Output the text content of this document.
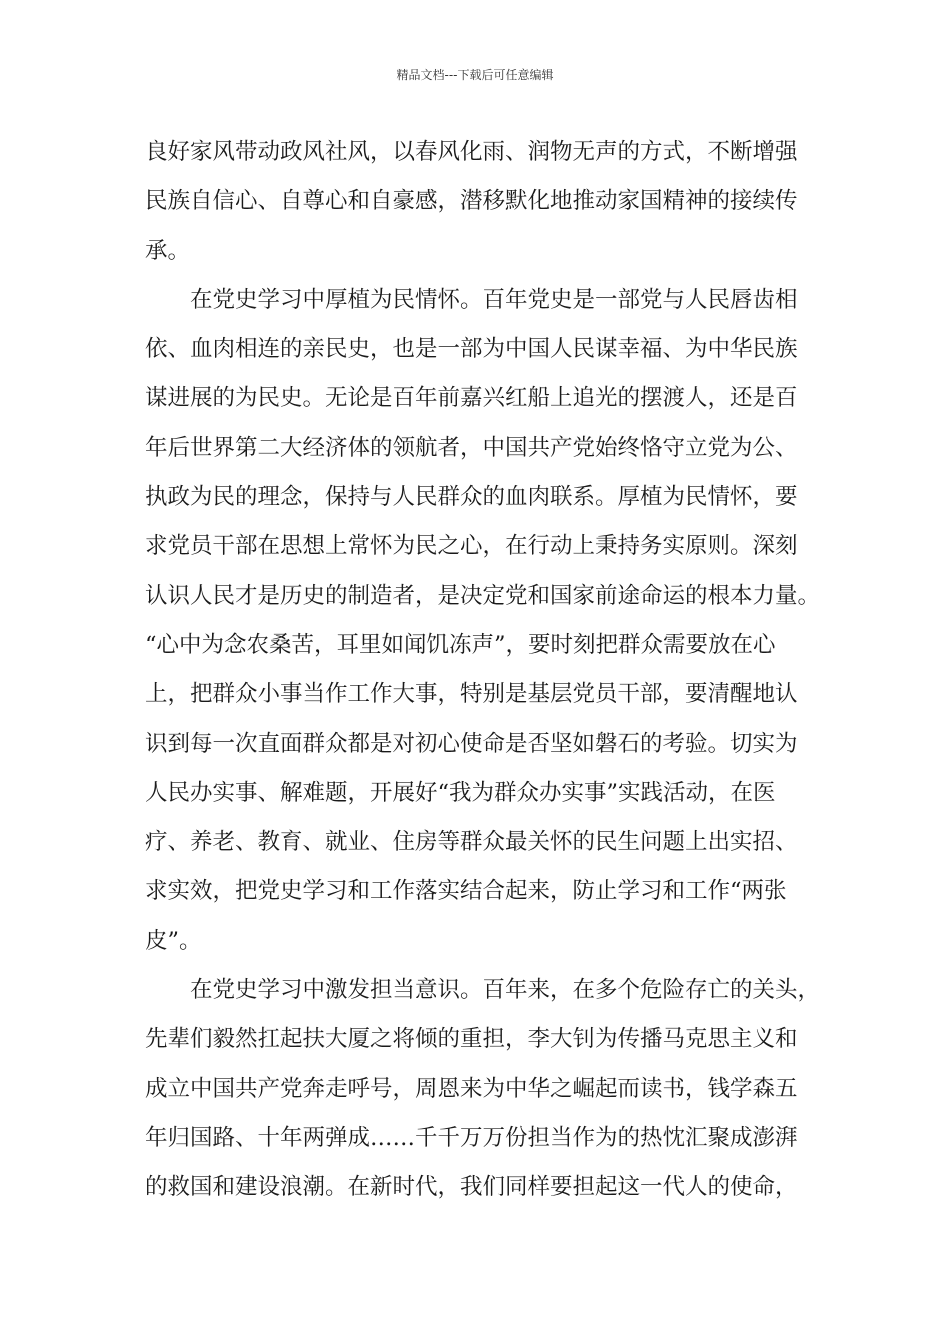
精品文档---下载后可任意编辑
良好家风带动政风社风，以春风化雨、润物无声的方式，不断增强
民族自信心、自尊心和自豪感，潜移默化地推动家国精神的接续传
承。
在党史学习中厚植为民情怀。百年党史是一部党与人民唇齿相
依、血肉相连的亲民史，也是一部为中国人民谋幸福、为中华民族
谋进展的为民史。无论是百年前嘉兴红船上追光的摆渡人，还是百
年后世界第二大经济体的领航者，中国共产党始终恪守立党为公、
执政为民的理念，保持与人民群众的血肉联系。厚植为民情怀，要
求党员干部在思想上常怀为民之心，在行动上秉持务实原则。深刻
认识人民才是历史的制造者，是决定党和国家前途命运的根本力量。
“心中为念农桑苦，耳里如闻饥冻声”，要时刻把群众需要放在心
上，把群众小事当作工作大事，特别是基层党员干部，要清醒地认
识到每一次直面群众都是对初心使命是否坚如磐石的考验。切实为
人民办实事、解难题，开展好“我为群众办实事”实践活动，在医
疗、养老、教育、就业、住房等群众最关怀的民生问题上出实招、
求实效，把党史学习和工作落实结合起来，防止学习和工作“两张
皮”。
在党史学习中激发担当意识。百年来，在多个危险存亡的关头，
先辈们毅然扛起扶大厦之将倾的重担，李大钊为传播马克思主义和
成立中国共产党奔走呼号，周恩来为中华之崛起而读书，钱学森五
年归国路、十年两弹成……千千万万份担当作为的热忱汇聚成澎湃
的救国和建设浪潮。在新时代，我们同样要担起这一代人的使命，
